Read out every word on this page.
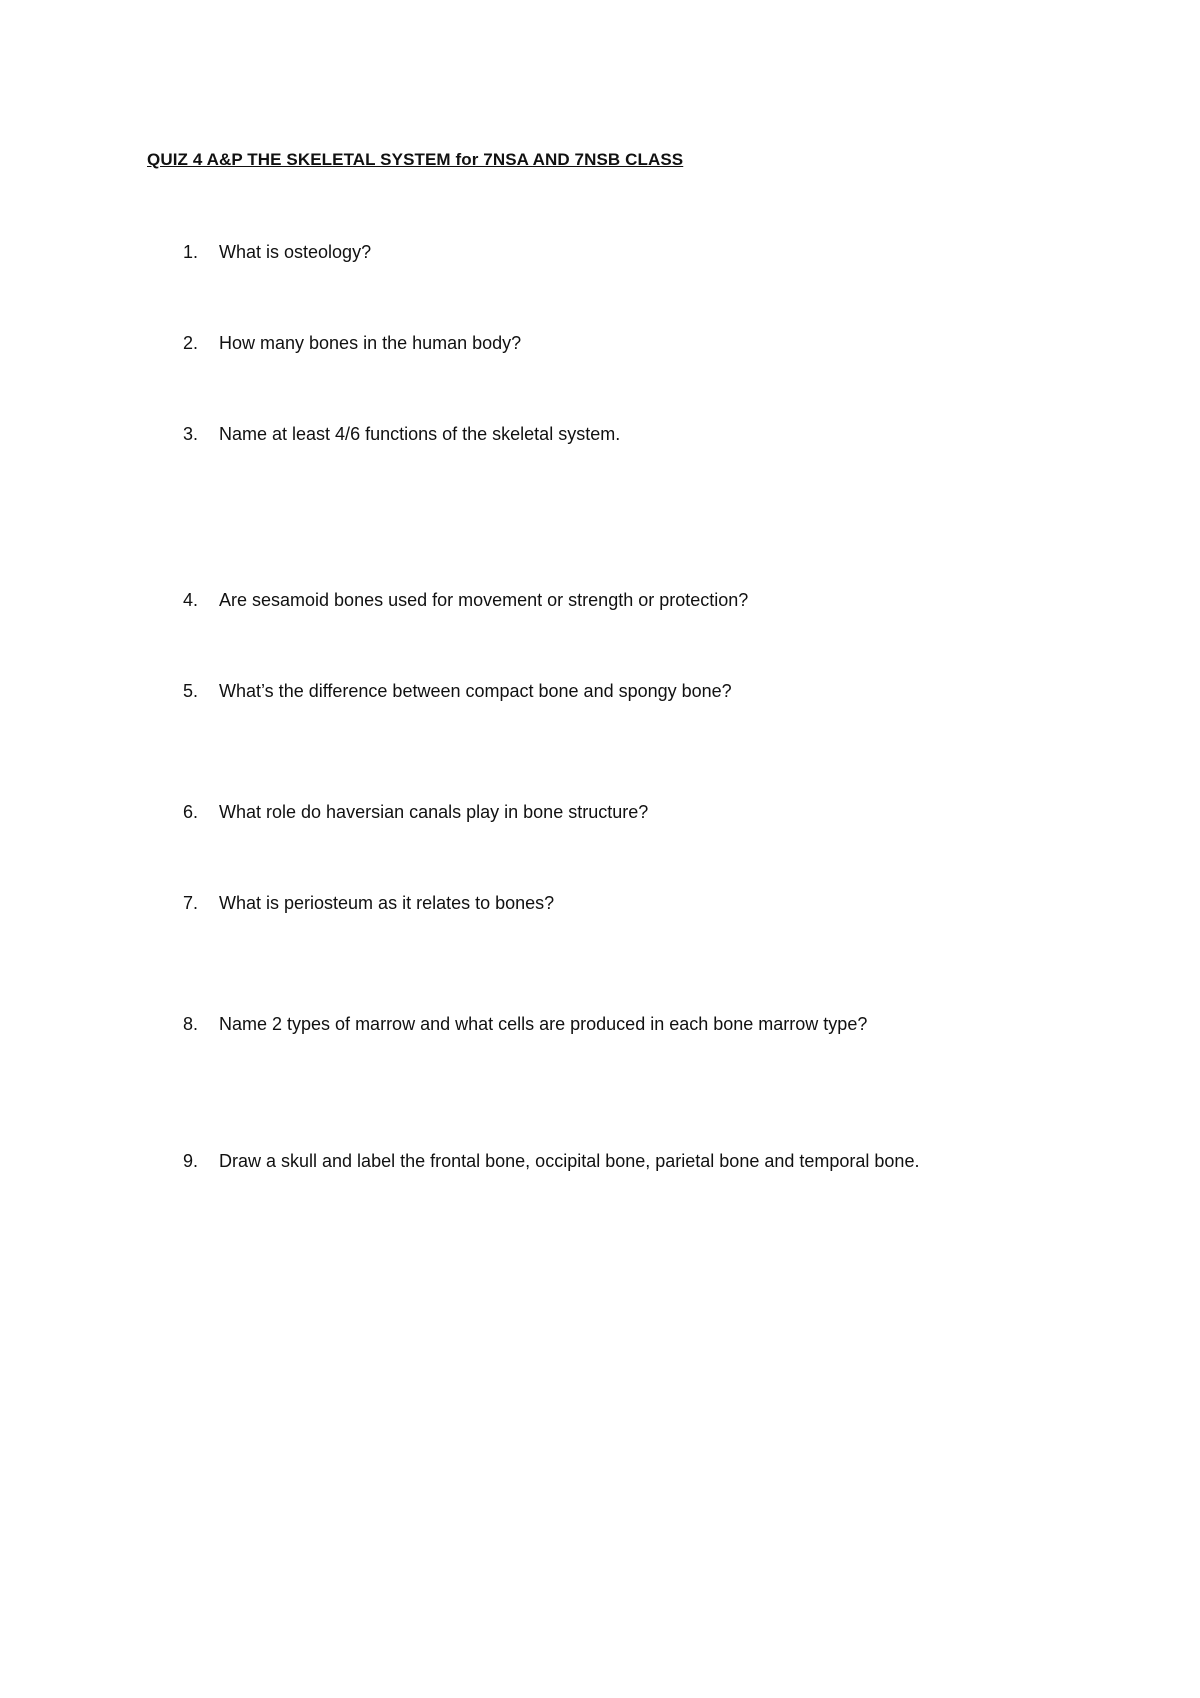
QUIZ 4 A&P THE SKELETAL SYSTEM for 7NSA AND 7NSB CLASS
1. What is osteology?
2. How many bones in the human body?
3. Name at least 4/6 functions of the skeletal system.
4. Are sesamoid bones used for movement or strength or protection?
5. What’s the difference between compact bone and spongy bone?
6. What role do haversian canals play in bone structure?
7. What is periosteum as it relates to bones?
8. Name 2 types of marrow and what cells are produced in each bone marrow type?
9. Draw a skull and label the frontal bone, occipital bone, parietal bone and temporal bone.
